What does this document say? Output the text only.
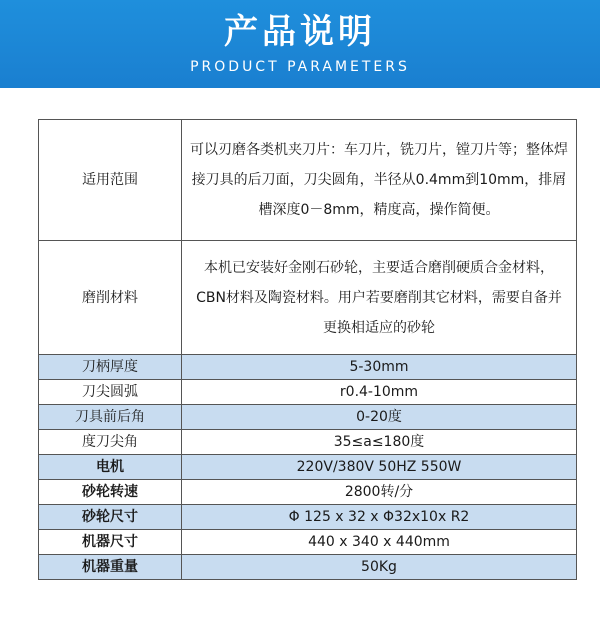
产品说明
PRODUCT PARAMETERS
适用范围	可以刃磨各类机夹刀片：车刀片，铣刀片，镗刀片等；整体焊接刀具的后刀面，刀尖圆角，半径从0.4mm到10mm，排屑槽深度0－8mm，精度高，操作简便。
磨削材料	本机已安装好金刚石砂轮，主要适合磨削硬质合金材料，CBN材料及陶瓷材料。用户若要磨削其它材料，需要自备并更换相适应的砂轮
刀柄厚度	5-30mm
刀尖圆弧	r0.4-10mm
刀具前后角	0-20度
度刀尖角	35≤a≤180度
电机	220V/380V 50HZ 550W
砂轮转速	2800转/分
砂轮尺寸	Φ 125 x 32 x Φ32x10x R2
机器尺寸	440 x 340 x 440mm
机器重量	50Kg
